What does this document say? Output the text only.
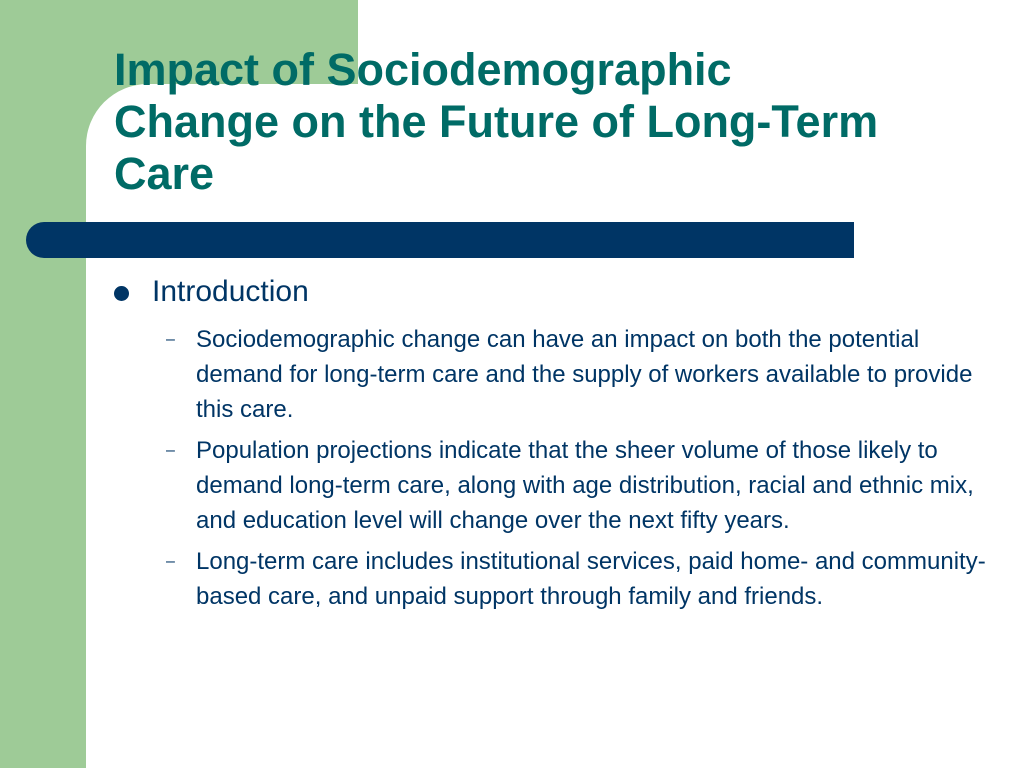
Impact of Sociodemographic
Change on the Future of Long-Term
Care
Introduction
– Sociodemographic change can have an impact on both the potential demand for long-term care and the supply of workers available to provide this care.
– Population projections indicate that the sheer volume of those likely to demand long-term care, along with age distribution, racial and ethnic mix, and education level will change over the next fifty years.
– Long-term care includes institutional services, paid home- and community-based care, and unpaid support through family and friends.
